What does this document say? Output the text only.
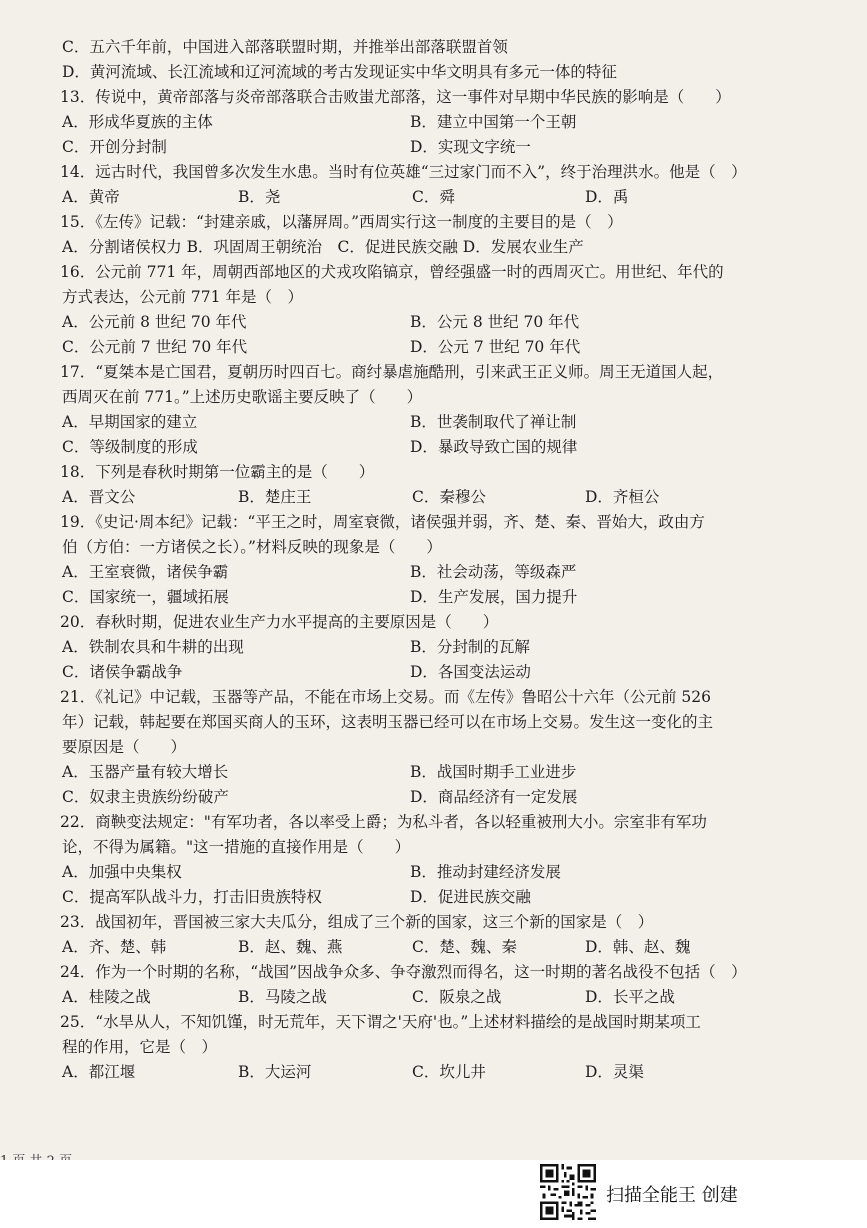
C．五六千年前，中国进入部落联盟时期，并推举出部落联盟首领
D．黄河流域、长江流域和辽河流域的考古发现证实中华文明具有多元一体的特征
13．传说中，黄帝部落与炎帝部落联合击败蚩尤部落，这一事件对早期中华民族的影响是（　　）
A．形成华夏族的主体	B．建立中国第一个王朝
C．开创分封制	D．实现文字统一
14．远古时代，我国曾多次发生水患。当时有位英雄“三过家门而不入”，终于治理洪水。他是（　）
A．黄帝	B．尧	C．舜	D．禹
15．《左传》记载：“封建亲戚，以藩屏周。”西周实行这一制度的主要目的是（　）
A．分割诸侯权力 B．巩固周王朝统治　C．促进民族交融 D．发展农业生产
16．公元前 771 年，周朝西部地区的犬戎攻陷镐京，曾经强盛一时的西周灭亡。用世纪、年代的
方式表达，公元前 771 年是（　）
A．公元前 8 世纪 70 年代	B．公元 8 世纪 70 年代
C．公元前 7 世纪 70 年代	D．公元 7 世纪 70 年代
17．“夏桀本是亡国君，夏朝历时四百七。商纣暴虐施酷刑，引来武王正义师。周王无道国人起，
西周灭在前 771。”上述历史歌谣主要反映了（　　）
A．早期国家的建立	B．世袭制取代了禅让制
C．等级制度的形成	D．暴政导致亡国的规律
18．下列是春秋时期第一位霸主的是（　　）
A．晋文公	B．楚庄王	C．秦穆公	D．齐桓公
19．《史记·周本纪》记载：“平王之时，周室衰微，诸侯强并弱，齐、楚、秦、晋始大，政由方
伯（方伯：一方诸侯之长）。”材料反映的现象是（　　）
A．王室衰微，诸侯争霸	B．社会动荡，等级森严
C．国家统一，疆域拓展	D．生产发展，国力提升
20．春秋时期，促进农业生产力水平提高的主要原因是（　　）
A．铁制农具和牛耕的出现	B．分封制的瓦解
C．诸侯争霸战争	D．各国变法运动
21．《礼记》中记载，玉器等产品，不能在市场上交易。而《左传》鲁昭公十六年（公元前 526
年）记载，韩起要在郑国买商人的玉环，这表明玉器已经可以在市场上交易。发生这一变化的主
要原因是（　　）
A．玉器产量有较大增长	B．战国时期手工业进步
C．奴隶主贵族纷纷破产	D．商品经济有一定发展
22．商鞅变法规定："有军功者，各以率受上爵；为私斗者，各以轻重被刑大小。宗室非有军功
论，不得为属籍。"这一措施的直接作用是（　　）
A．加强中央集权	B．推动封建经济发展
C．提高军队战斗力，打击旧贵族特权	D．促进民族交融
23．战国初年，晋国被三家大夫瓜分，组成了三个新的国家，这三个新的国家是（　）
A．齐、楚、韩	B．赵、魏、燕	C．楚、魏、秦	D．韩、赵、魏
24．作为一个时期的名称，“战国”因战争众多、争夺激烈而得名，这一时期的著名战役不包括（　）
A．桂陵之战	B．马陵之战	C．阪泉之战	D．长平之战
25．“水旱从人，不知饥馑，时无荒年，天下谓之'天府'也。”上述材料描绘的是战国时期某项工
程的作用，它是（　）
A．都江堰	B．大运河	C．坎儿井	D．灵渠
扫描全能王 创建
